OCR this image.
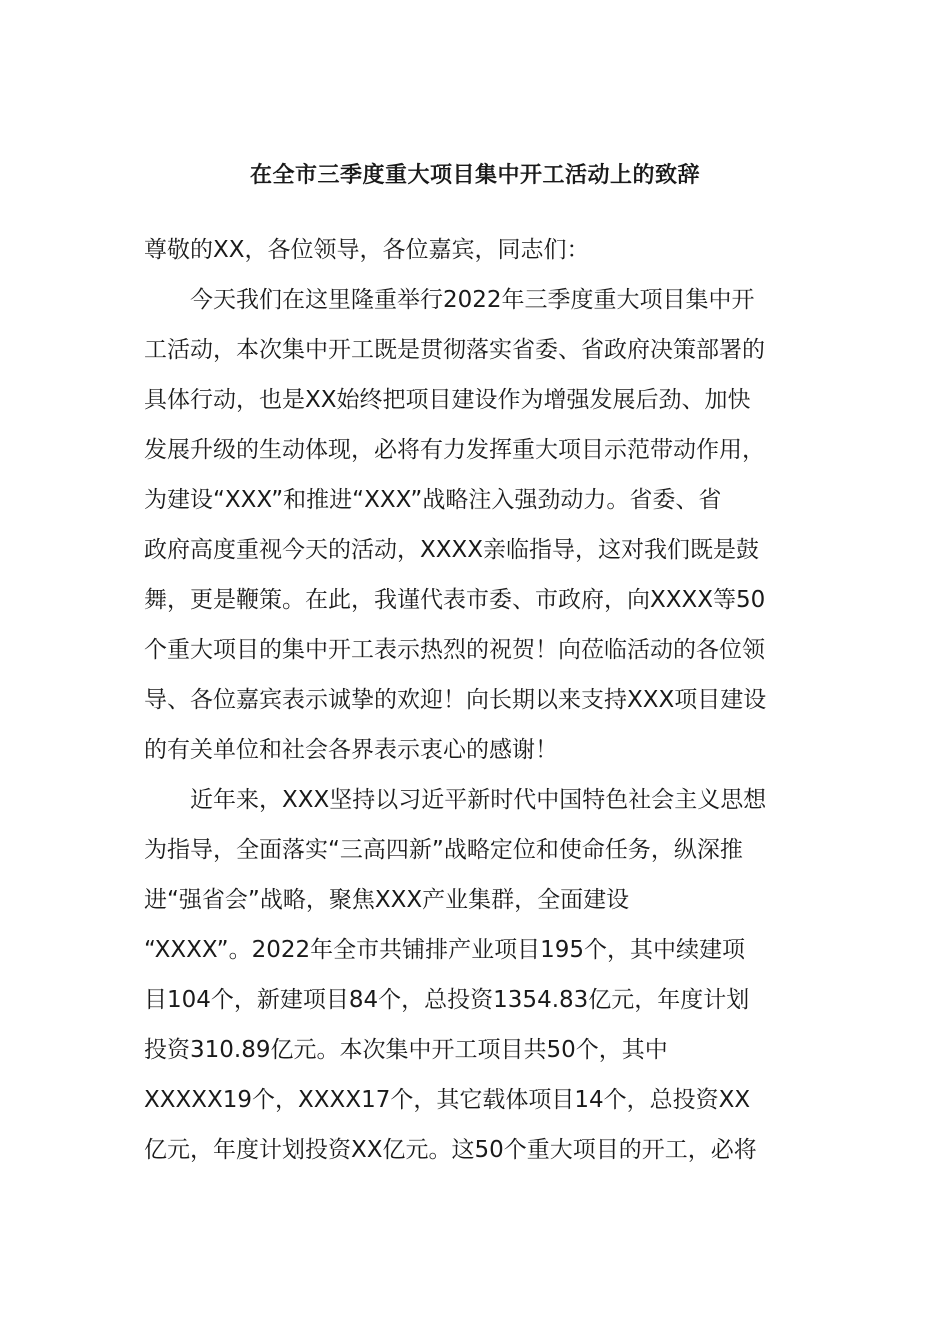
在全市三季度重大项目集中开工活动上的致辞
尊敬的XX，各位领导，各位嘉宾，同志们：
　　今天我们在这里隆重举行2022年三季度重大项目集中开
工活动，本次集中开工既是贯彻落实省委、省政府决策部署的
具体行动，也是XX始终把项目建设作为增强发展后劲、加快
发展升级的生动体现，必将有力发挥重大项目示范带动作用，
为建设“XXX”和推进“XXX”战略注入强劲动力。省委、省
政府高度重视今天的活动，XXXX亲临指导，这对我们既是鼓
舞，更是鞭策。在此，我谨代表市委、市政府，向XXXX等50
个重大项目的集中开工表示热烈的祝贺！向莅临活动的各位领
导、各位嘉宾表示诚挚的欢迎！向长期以来支持XXX项目建设
的有关单位和社会各界表示衷心的感谢！
　　近年来，XXX坚持以习近平新时代中国特色社会主义思想
为指导，全面落实“三高四新”战略定位和使命任务，纵深推
进“强省会”战略，聚焦XXX产业集群，全面建设
“XXXX”。2022年全市共铺排产业项目195个，其中续建项
目104个，新建项目84个，总投资1354.83亿元，年度计划
投资310.89亿元。本次集中开工项目共50个，其中
XXXXX19个，XXXX17个，其它载体项目14个，总投资XX
亿元，年度计划投资XX亿元。这50个重大项目的开工，必将
